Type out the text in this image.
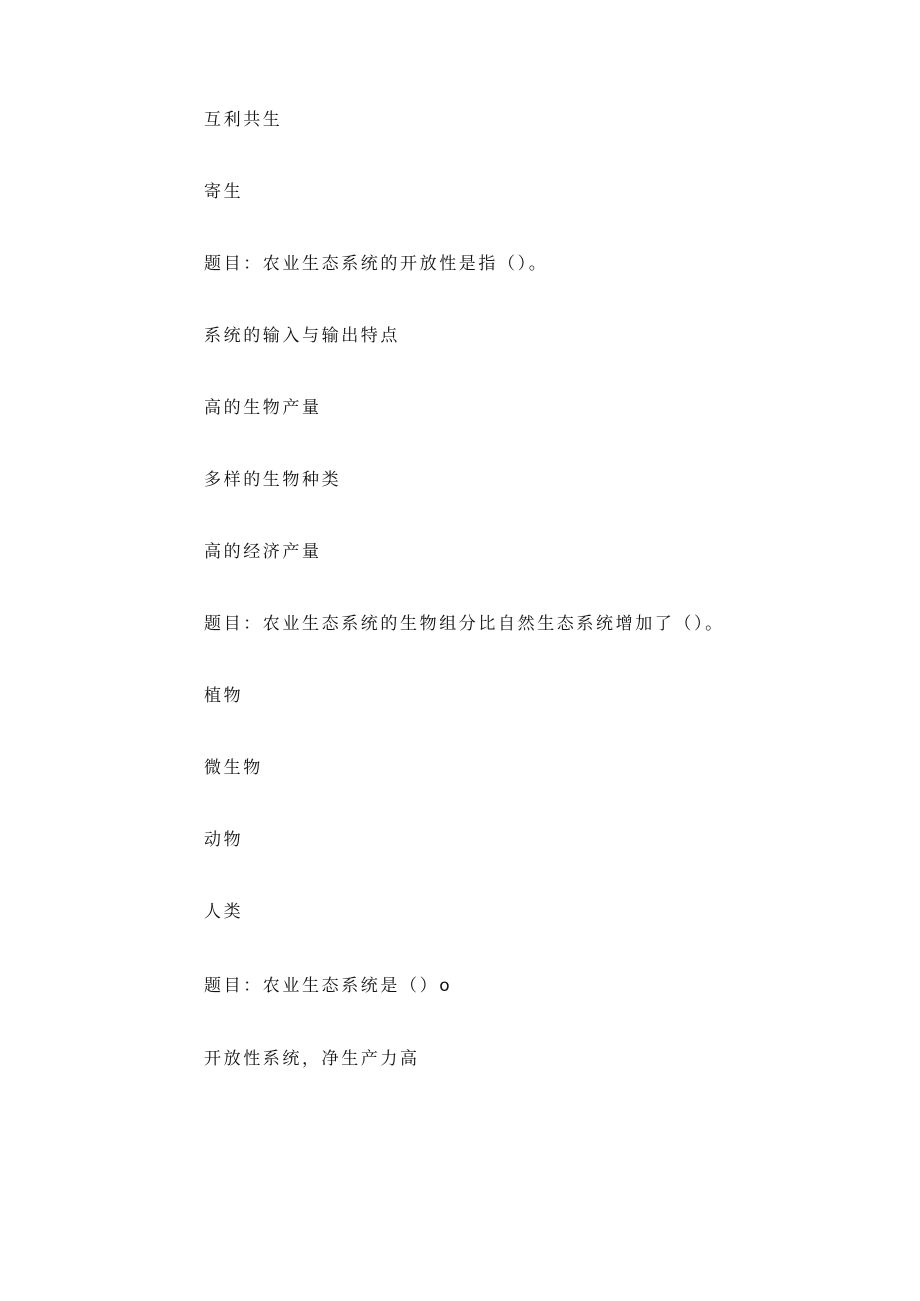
互利共生
寄生
题目：农业生态系统的开放性是指（）。
系统的输入与输出特点
高的生物产量
多样的生物种类
高的经济产量
题目：农业生态系统的生物组分比自然生态系统增加了（）。
植物
微生物
动物
人类
题目：农业生态系统是（）o
开放性系统，净生产力高
